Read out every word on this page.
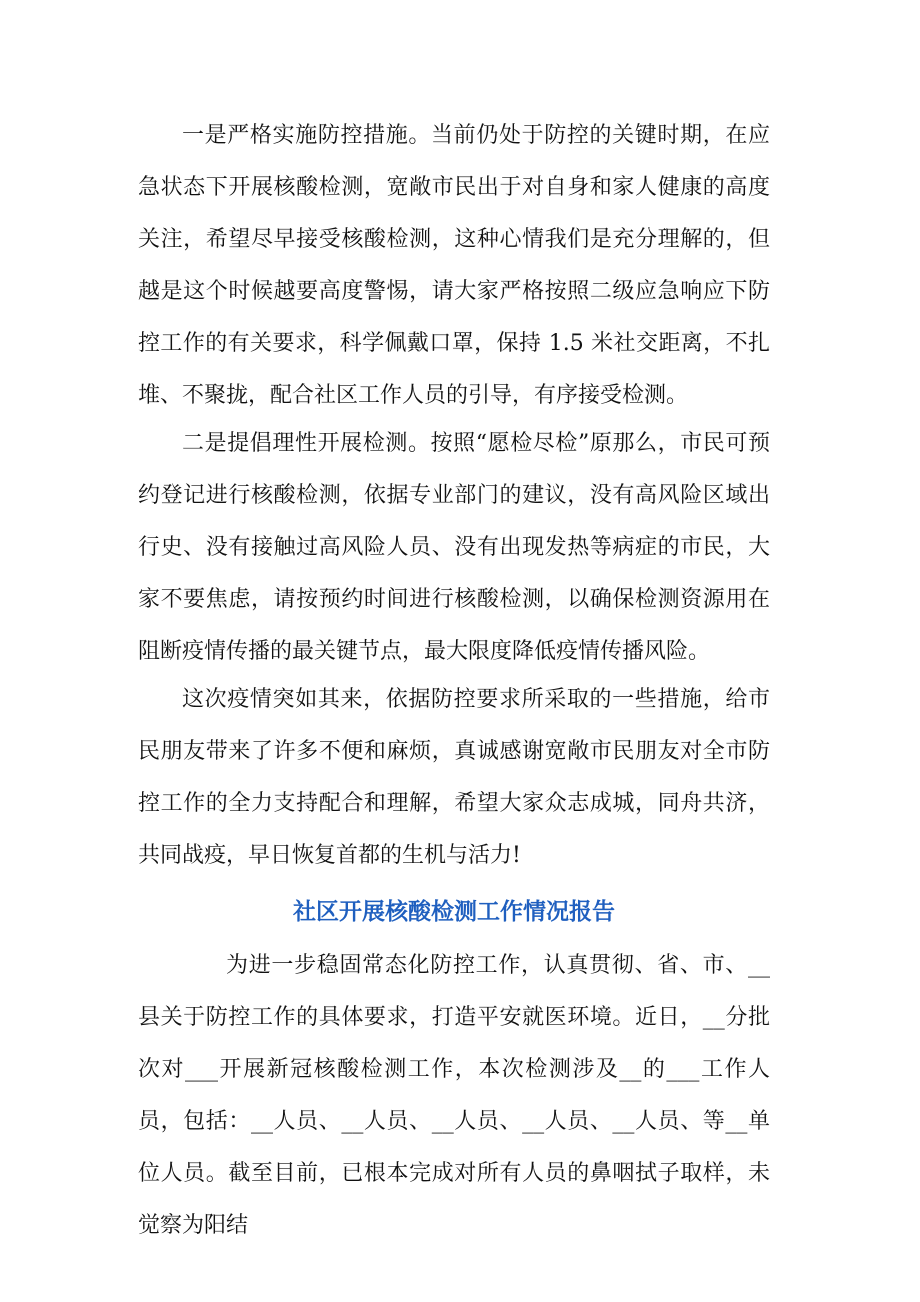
一是严格实施防控措施。当前仍处于防控的关键时期，在应急状态下开展核酸检测，宽敞市民出于对自身和家人健康的高度关注，希望尽早接受核酸检测，这种心情我们是充分理解的，但越是这个时候越要高度警惕，请大家严格按照二级应急响应下防控工作的有关要求，科学佩戴口罩，保持 1.5 米社交距离，不扎堆、不聚拢，配合社区工作人员的引导，有序接受检测。

二是提倡理性开展检测。按照“愿检尽检”原那么，市民可预约登记进行核酸检测，依据专业部门的建议，没有高风险区域出行史、没有接触过高风险人员、没有出现发热等病症的市民，大家不要焦虑，请按预约时间进行核酸检测，以确保检测资源用在阻断疫情传播的最关键节点，最大限度降低疫情传播风险。

这次疫情突如其来，依据防控要求所采取的一些措施，给市民朋友带来了许多不便和麻烦，真诚感谢宽敞市民朋友对全市防控工作的全力支持配合和理解，希望大家众志成城，同舟共济，共同战疫，早日恢复首都的生机与活力!

社区开展核酸检测工作情况报告

为进一步稳固常态化防控工作，认真贯彻、省、市、__县关于防控工作的具体要求，打造平安就医环境。近日，__分批次对___开展新冠核酸检测工作，本次检测涉及__的___工作人员，包括：__人员、__人员、__人员、__人员、__人员、等__单位人员。截至目前，已根本完成对所有人员的鼻咽拭子取样，未觉察为阳结
